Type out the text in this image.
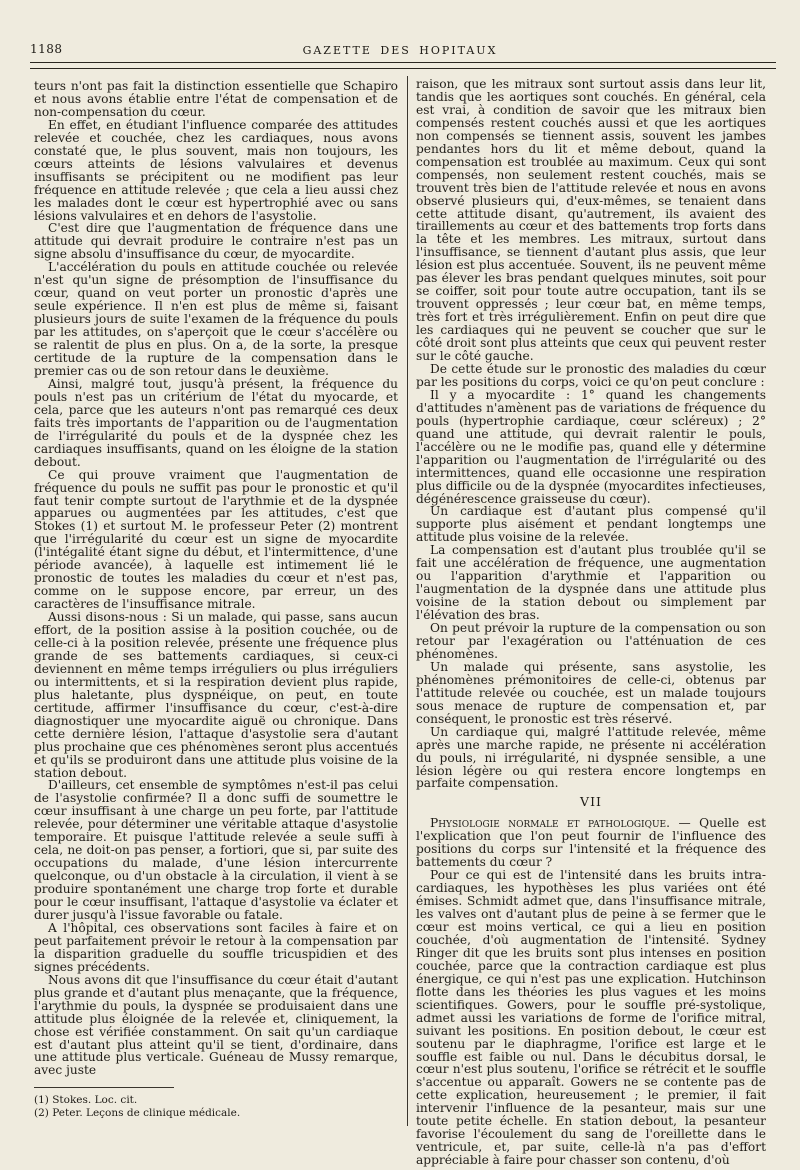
1188	GAZETTE DES HOPITAUX

teurs n'ont pas fait la distinction essentielle que Schapiro et nous avons établie entre l'état de compensation et de non-compensation du cœur.

En effet, en étudiant l'influence comparée des attitudes relevée et couchée, chez les cardiaques, nous avons constaté que, le plus souvent, mais non toujours, les cœurs atteints de lésions valvulaires et devenus insuffisants se précipitent ou ne modifient pas leur fréquence en attitude relevée ; que cela a lieu aussi chez les malades dont le cœur est hypertrophié avec ou sans lésions valvulaires et en dehors de l'asystolie.

C'est dire que l'augmentation de fréquence dans une attitude qui devrait produire le contraire n'est pas un signe absolu d'insuffisance du cœur, de myocardite.

L'accélération du pouls en attitude couchée ou relevée n'est qu'un signe de présomption de l'insuffisance du cœur, quand on veut porter un pronostic d'après une seule expérience. Il n'en est plus de même si, faisant plusieurs jours de suite l'examen de la fréquence du pouls par les attitudes, on s'aperçoit que le cœur s'accélère ou se ralentit de plus en plus. On a, de la sorte, la presque certitude de la rupture de la compensation dans le premier cas ou de son retour dans le deuxième.

Ainsi, malgré tout, jusqu'à présent, la fréquence du pouls n'est pas un critérium de l'état du myocarde, et cela, parce que les auteurs n'ont pas remarqué ces deux faits très importants de l'apparition ou de l'augmentation de l'irrégularité du pouls et de la dyspnée chez les cardiaques insuffisants, quand on les éloigne de la station debout.

Ce qui prouve vraiment que l'augmentation de fréquence du pouls ne suffit pas pour le pronostic et qu'il faut tenir compte surtout de l'arythmie et de la dyspnée apparues ou augmentées par les attitudes, c'est que Stokes (1) et surtout M. le professeur Peter (2) montrent que l'irrégularité du cœur est un signe de myocardite (l'intégalité étant signe du début, et l'intermittence, d'une période avancée), à laquelle est intimement lié le pronostic de toutes les maladies du cœur et n'est pas, comme on le suppose encore, par erreur, un des caractères de l'insuffisance mitrale.

Aussi disons-nous : Si un malade, qui passe, sans aucun effort, de la position assise à la position couchée, ou de celle-ci à la position relevée, présente une fréquence plus grande de ses battements cardiaques, si ceux-ci deviennent en même temps irréguliers ou plus irréguliers ou intermittents, et si la respiration devient plus rapide, plus haletante, plus dyspnéique, on peut, en toute certitude, affirmer l'insuffisance du cœur, c'est-à-dire diagnostiquer une myocardite aiguë ou chronique. Dans cette dernière lésion, l'attaque d'asystolie sera d'autant plus prochaine que ces phénomènes seront plus accentués et qu'ils se produiront dans une attitude plus voisine de la station debout.

D'ailleurs, cet ensemble de symptômes n'est-il pas celui de l'asystolie confirmée? Il a donc suffi de soumettre le cœur insuffisant à une charge un peu forte, par l'attitude relevée, pour déterminer une véritable attaque d'asystolie temporaire. Et puisque l'attitude relevée a seule suffi à cela, ne doit-on pas penser, a fortiori, que si, par suite des occupations du malade, d'une lésion intercurrente quelconque, ou d'un obstacle à la circulation, il vient à se produire spontanément une charge trop forte et durable pour le cœur insuffisant, l'attaque d'asystolie va éclater et durer jusqu'à l'issue favorable ou fatale.

A l'hôpital, ces observations sont faciles à faire et on peut parfaitement prévoir le retour à la compensation par la disparition graduelle du souffle tricuspidien et des signes précédents.

Nous avons dit que l'insuffisance du cœur était d'autant plus grande et d'autant plus menaçante, que la fréquence, l'arythmie du pouls, la dyspnée se produisaient dans une attitude plus éloignée de la relevée et, cliniquement, la chose est vérifiée constamment. On sait qu'un cardiaque est d'autant plus atteint qu'il se tient, d'ordinaire, dans une attitude plus verticale. Guéneau de Mussy remarque, avec juste

(1) Stokes. Loc. cit.
(2) Peter. Leçons de clinique médicale.

raison, que les mitraux sont surtout assis dans leur lit, tandis que les aortiques sont couchés. En général, cela est vrai, à condition de savoir que les mitraux bien compensés restent couchés aussi et que les aortiques non compensés se tiennent assis, souvent les jambes pendantes hors du lit et même debout, quand la compensation est troublée au maximum. Ceux qui sont compensés, non seulement restent couchés, mais se trouvent très bien de l'attitude relevée et nous en avons observé plusieurs qui, d'eux-mêmes, se tenaient dans cette attitude disant, qu'autrement, ils avaient des tiraillements au cœur et des battements trop forts dans la tête et les membres. Les mitraux, surtout dans l'insuffisance, se tiennent d'autant plus assis, que leur lésion est plus accentuée. Souvent, ils ne peuvent même pas élever les bras pendant quelques minutes, soit pour se coiffer, soit pour toute autre occupation, tant ils se trouvent oppressés ; leur cœur bat, en même temps, très fort et très irrégulièrement. Enfin on peut dire que les cardiaques qui ne peuvent se coucher que sur le côté droit sont plus atteints que ceux qui peuvent rester sur le côté gauche.

De cette étude sur le pronostic des maladies du cœur par les positions du corps, voici ce qu'on peut conclure :

Il y a myocardite : 1° quand les changements d'attitudes n'amènent pas de variations de fréquence du pouls (hypertrophie cardiaque, cœur scléreux) ; 2° quand une attitude, qui devrait ralentir le pouls, l'accélère ou ne le modifie pas, quand elle y détermine l'apparition ou l'augmentation de l'irrégularité ou des intermittences, quand elle occasionne une respiration plus difficile ou de la dyspnée (myocardites infectieuses, dégénérescence graisseuse du cœur).

Un cardiaque est d'autant plus compensé qu'il supporte plus aisément et pendant longtemps une attitude plus voisine de la relevée.

La compensation est d'autant plus troublée qu'il se fait une accélération de fréquence, une augmentation ou l'apparition d'arythmie et l'apparition ou l'augmentation de la dyspnée dans une attitude plus voisine de la station debout ou simplement par l'élévation des bras.

On peut prévoir la rupture de la compensation ou son retour par l'exagération ou l'atténuation de ces phénomènes.

Un malade qui présente, sans asystolie, les phénomènes prémonitoires de celle-ci, obtenus par l'attitude relevée ou couchée, est un malade toujours sous menace de rupture de compensation et, par conséquent, le pronostic est très réservé.

Un cardiaque qui, malgré l'attitude relevée, même après une marche rapide, ne présente ni accélération du pouls, ni irrégularité, ni dyspnée sensible, a une lésion légère ou qui restera encore longtemps en parfaite compensation.

VII

Physiologie normale et pathologique. — Quelle est l'explication que l'on peut fournir de l'influence des positions du corps sur l'intensité et la fréquence des battements du cœur ?

Pour ce qui est de l'intensité dans les bruits intra-cardiaques, les hypothèses les plus variées ont été émises. Schmidt admet que, dans l'insuffisance mitrale, les valves ont d'autant plus de peine à se fermer que le cœur est moins vertical, ce qui a lieu en position couchée, d'où augmentation de l'intensité. Sydney Ringer dit que les bruits sont plus intenses en position couchée, parce que la contraction cardiaque est plus énergique, ce qui n'est pas une explication. Hutchinson flotte dans les théories les plus vagues et les moins scientifiques. Gowers, pour le souffle pré-systolique, admet aussi les variations de forme de l'orifice mitral, suivant les positions. En position debout, le cœur est soutenu par le diaphragme, l'orifice est large et le souffle est faible ou nul. Dans le décubitus dorsal, le cœur n'est plus soutenu, l'orifice se rétrécit et le souffle s'accentue ou apparaît. Gowers ne se contente pas de cette explication, heureusement ; le premier, il fait intervenir l'influence de la pesanteur, mais sur une toute petite échelle. En station debout, la pesanteur favorise l'écoulement du sang de l'oreillette dans le ventricule, et, par suite, celle-là n'a pas d'effort appréciable à faire pour chasser son contenu, d'où
